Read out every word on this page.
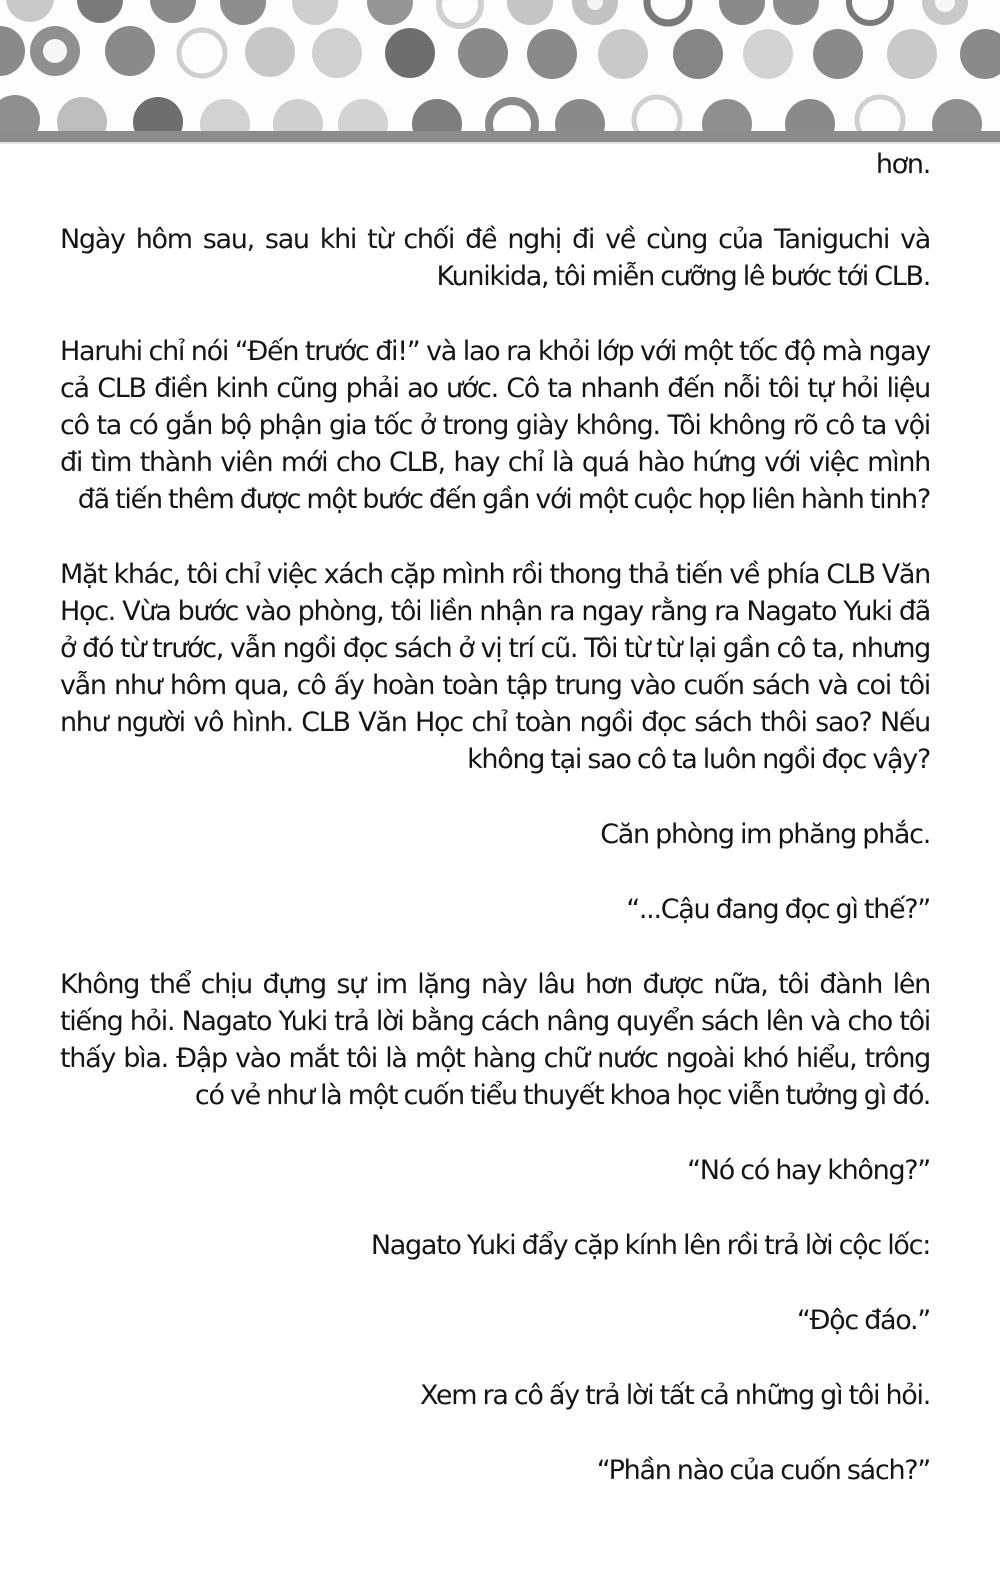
hơn.

Ngày hôm sau, sau khi từ chối đề nghị đi về cùng của Taniguchi và Kunikida, tôi miễn cưỡng lê bước tới CLB.

Haruhi chỉ nói “Đến trước đi!” và lao ra khỏi lớp với một tốc độ mà ngay cả CLB điền kinh cũng phải ao ước. Cô ta nhanh đến nỗi tôi tự hỏi liệu cô ta có gắn bộ phận gia tốc ở trong giày không. Tôi không rõ cô ta vội đi tìm thành viên mới cho CLB, hay chỉ là quá hào hứng với việc mình đã tiến thêm được một bước đến gần với một cuộc họp liên hành tinh?

Mặt khác, tôi chỉ việc xách cặp mình rồi thong thả tiến về phía CLB Văn Học. Vừa bước vào phòng, tôi liền nhận ra ngay rằng ra Nagato Yuki đã ở đó từ trước, vẫn ngồi đọc sách ở vị trí cũ. Tôi từ từ lại gần cô ta, nhưng vẫn như hôm qua, cô ấy hoàn toàn tập trung vào cuốn sách và coi tôi như người vô hình. CLB Văn Học chỉ toàn ngồi đọc sách thôi sao? Nếu không tại sao cô ta luôn ngồi đọc vậy?

Căn phòng im phăng phắc.

“...Cậu đang đọc gì thế?”

Không thể chịu đựng sự im lặng này lâu hơn được nữa, tôi đành lên tiếng hỏi. Nagato Yuki trả lời bằng cách nâng quyển sách lên và cho tôi thấy bìa. Đập vào mắt tôi là một hàng chữ nước ngoài khó hiểu, trông có vẻ như là một cuốn tiểu thuyết khoa học viễn tưởng gì đó.

“Nó có hay không?”

Nagato Yuki đẩy cặp kính lên rồi trả lời cộc lốc:

“Độc đáo.”

Xem ra cô ấy trả lời tất cả những gì tôi hỏi.

“Phần nào của cuốn sách?”
